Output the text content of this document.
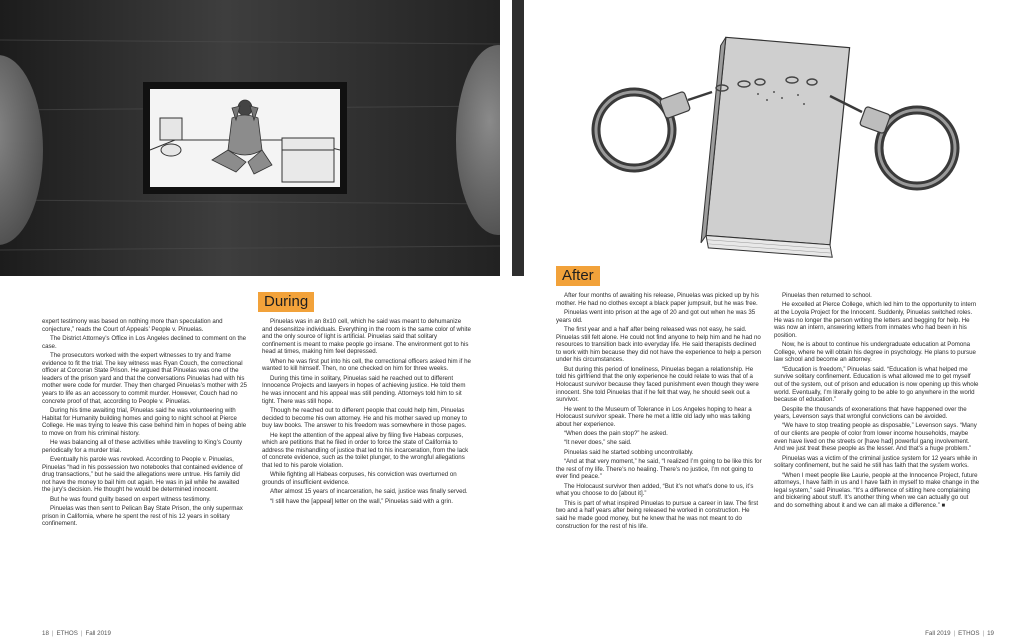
During

expert testimony was based on nothing more than speculation and conjecture,” reads the Court of Appeals’ People v. Pinuelas.

The District Attorney’s Office in Los Angeles declined to comment on the case.

The prosecutors worked with the expert witnesses to try and frame evidence to fit the trial. The key witness was Ryan Couch, the correctional officer at Corcoran State Prison. He argued that Pinuelas was one of the leaders of the prison yard and that the conversations Pinuelas had with his mother were code for murder. They then charged Pinuelas’s mother with 25 years to life as an accessory to commit murder. However, Couch had no concrete proof of that, according to People v. Pinuelas.

During his time awaiting trial, Pinuelas said he was volunteering with Habitat for Humanity building homes and going to night school at Pierce College. He was trying to leave this case behind him in hopes of being able to move on from his criminal history.

He was balancing all of these activities while traveling to King’s County periodically for a murder trial.

Eventually his parole was revoked. According to People v. Pinuelas, Pinuelas “had in his possession two notebooks that contained evidence of drug transactions,” but he said the allegations were untrue. His family did not have the money to bail him out again. He was in jail while he awaited the jury’s decision. He thought he would be determined innocent.

But he was found guilty based on expert witness testimony.

Pinuelas was then sent to Pelican Bay State Prison, the only supermax prison in California, where he spent the rest of his 12 years in solitary confinement.

Pinuelas was in an 8x10 cell, which he said was meant to dehumanize and desensitize individuals. Everything in the room is the same color of white and the only source of light is artificial. Pinuelas said that solitary confinement is meant to make people go insane. The environment got to his head at times, making him feel depressed.

When he was first put into his cell, the correctional officers asked him if he wanted to kill himself. Then, no one checked on him for three weeks.

During this time in solitary, Pinuelas said he reached out to different Innocence Projects and lawyers in hopes of achieving justice. He told them he was innocent and his appeal was still pending. Attorneys told him to sit tight. There was still hope.

Though he reached out to different people that could help him, Pinuelas decided to become his own attorney. He and his mother saved up money to buy law books. The answer to his freedom was somewhere in those pages.

He kept the attention of the appeal alive by filing five Habeas corpuses, which are petitions that he filed in order to force the state of California to address the mishandling of justice that led to his incarceration, from the lack of concrete evidence, such as the toilet plunger, to the wrongful allegations that led to his parole violation.

While fighting all Habeas corpuses, his conviction was overturned on grounds of insufficient evidence.

After almost 15 years of incarceration, he said, justice was finally served.

“I still have the [appeal] letter on the wall,” Pinuelas said with a grin.

18 | ETHOS | Fall 2019
After

After four months of awaiting his release, Pinuelas was picked up by his mother. He had no clothes except a black paper jumpsuit, but he was free.

Pinuelas went into prison at the age of 20 and got out when he was 35 years old.

The first year and a half after being released was not easy, he said. Pinuelas still felt alone. He could not find anyone to help him and he had no resources to transition back into everyday life. He said therapists declined to work with him because they did not have the experience to help a person under his circumstances.

But during this period of loneliness, Pinuelas began a relationship. He told his girlfriend that the only experience he could relate to was that of a Holocaust survivor because they faced punishment even though they were innocent. She told Pinuelas that if he felt that way, he should seek out a survivor.

He went to the Museum of Tolerance in Los Angeles hoping to hear a Holocaust survivor speak. There he met a little old lady who was talking about her experience.

“When does the pain stop?” he asked.

“It never does,” she said.

Pinuelas said he started sobbing uncontrollably.

“And at that very moment,” he said, “I realized I’m going to be like this for the rest of my life. There’s no healing. There’s no justice, I’m not going to ever find peace.”

The Holocaust survivor then added, “But it’s not what’s done to us, it’s what you choose to do [about it].”

This is part of what inspired Pinuelas to pursue a career in law. The first two and a half years after being released he worked in construction. He said he made good money, but he knew that he was not meant to do construction for the rest of his life.

Pinuelas then returned to school.

He excelled at Pierce College, which led him to the opportunity to intern at the Loyola Project for the Innocent. Suddenly, Pinuelas switched roles. He was no longer the person writing the letters and begging for help. He was now an intern, answering letters from inmates who had been in his position.

Now, he is about to continue his undergraduate education at Pomona College, where he will obtain his degree in psychology. He plans to pursue law school and become an attorney.

“Education is freedom,” Pinuelas said. “Education is what helped me survive solitary confinement. Education is what allowed me to get myself out of the system, out of prison and education is now opening up this whole world. Eventually, I’m literally going to be able to go anywhere in the world because of education.”

Despite the thousands of exonerations that have happened over the years, Levenson says that wrongful convictions can be avoided.

“We have to stop treating people as disposable,” Levenson says. “Many of our clients are people of color from lower income households, maybe even have lived on the streets or [have had] powerful gang involvement. And we just treat these people as the lesser. And that’s a huge problem.”

Pinuelas was a victim of the criminal justice system for 12 years while in solitary confinement, but he said he still has faith that the system works.

“When I meet people like Laurie, people at the Innocence Project, future attorneys, I have faith in us and I have faith in myself to make change in the legal system,” said Pinuelas. “It’s a difference of sitting here complaining and bickering about stuff. It’s another thing when we can actually go out and do something about it and we can all make a difference.” ■

Fall 2019 | ETHOS | 19
